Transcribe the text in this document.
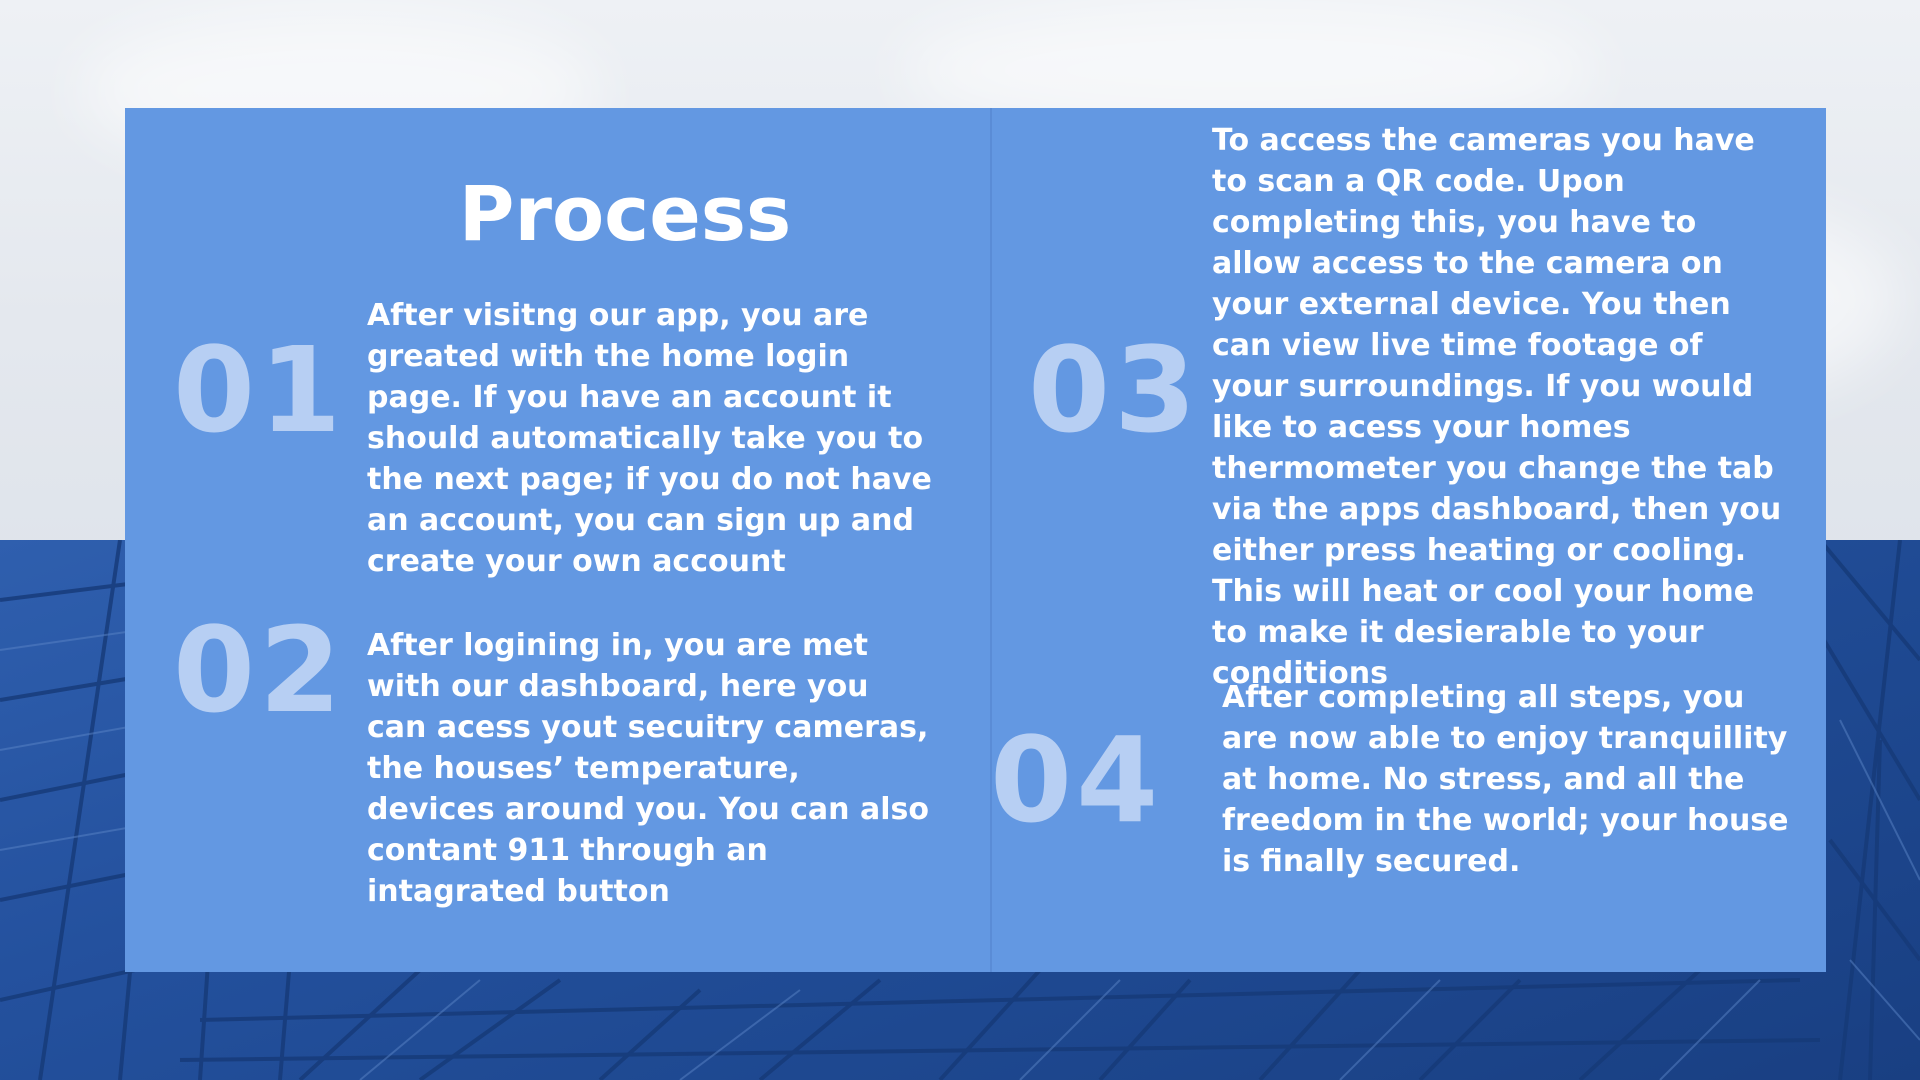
Process
01

After visitng our app, you are greated with the home login page. If you have an account it should automatically take you to the next page; if you do not have an account, you can sign up and create your own account

02 After logining in, you are met with our dashboard, here you can acess yout secuitry cameras, the houses’ temperature, devices around you. You can also contant 911 through an intagrated button

03

To access the cameras you have to scan a QR code. Upon completing this, you have to allow access to the camera on your external device. You then can view live time footage of your surroundings. If you would like to acess your homes thermometer you change the tab via the apps dashboard, then you either press heating or cooling. This will heat or cool your home to make it desierable to your conditions

04

After completing all steps, you are now able to enjoy tranquillity at home. No stress, and all the freedom in the world; your house is finally secured.
